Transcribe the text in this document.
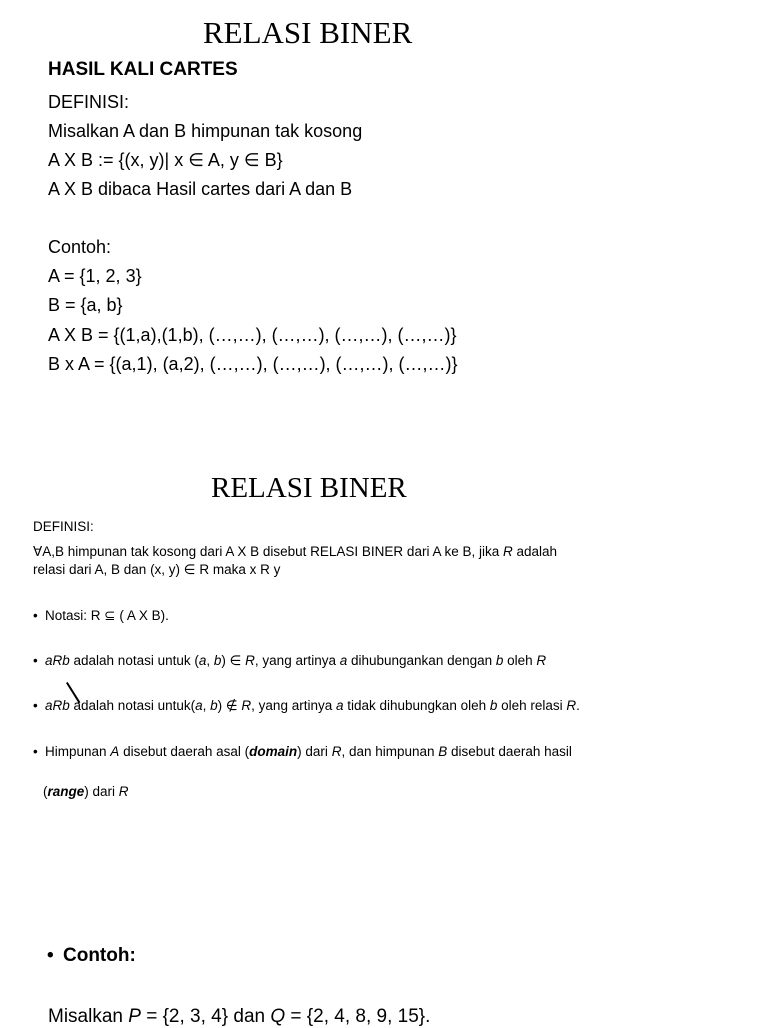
RELASI BINER
HASIL KALI CARTES
DEFINISI:
Misalkan A dan B himpunan tak kosong
A X B := {(x, y)| x ∈ A, y ∈ B}
A X B dibaca Hasil cartes dari A dan B
Contoh:
A = {1, 2, 3}
B = {a, b}
A X B = {(1,a),(1,b), (…,…), (…,…), (…,…), (…,…)}
B x A = {(a,1), (a,2), (…,…), (…,…), (…,…), (…,…)}
RELASI BINER
DEFINISI:
∀A,B himpunan tak kosong dari A X B disebut RELASI BINER dari A ke B, jika R adalah
relasi dari A, B dan (x, y) ∈ R maka x R y
• Notasi: R ⊆ ( A X B).
• aRb adalah notasi untuk (a, b) ∈ R, yang artinya a dihubungankan dengan b oleh R
• aRb adalah notasi untuk(a, b) ∉ R, yang artinya a tidak dihubungkan oleh b oleh relasi R.
• Himpunan A disebut daerah asal (domain) dari R, dan himpunan B disebut daerah hasil
(range) dari R
• Contoh:
Misalkan P = {2, 3, 4} dan Q = {2, 4, 8, 9, 15}.
